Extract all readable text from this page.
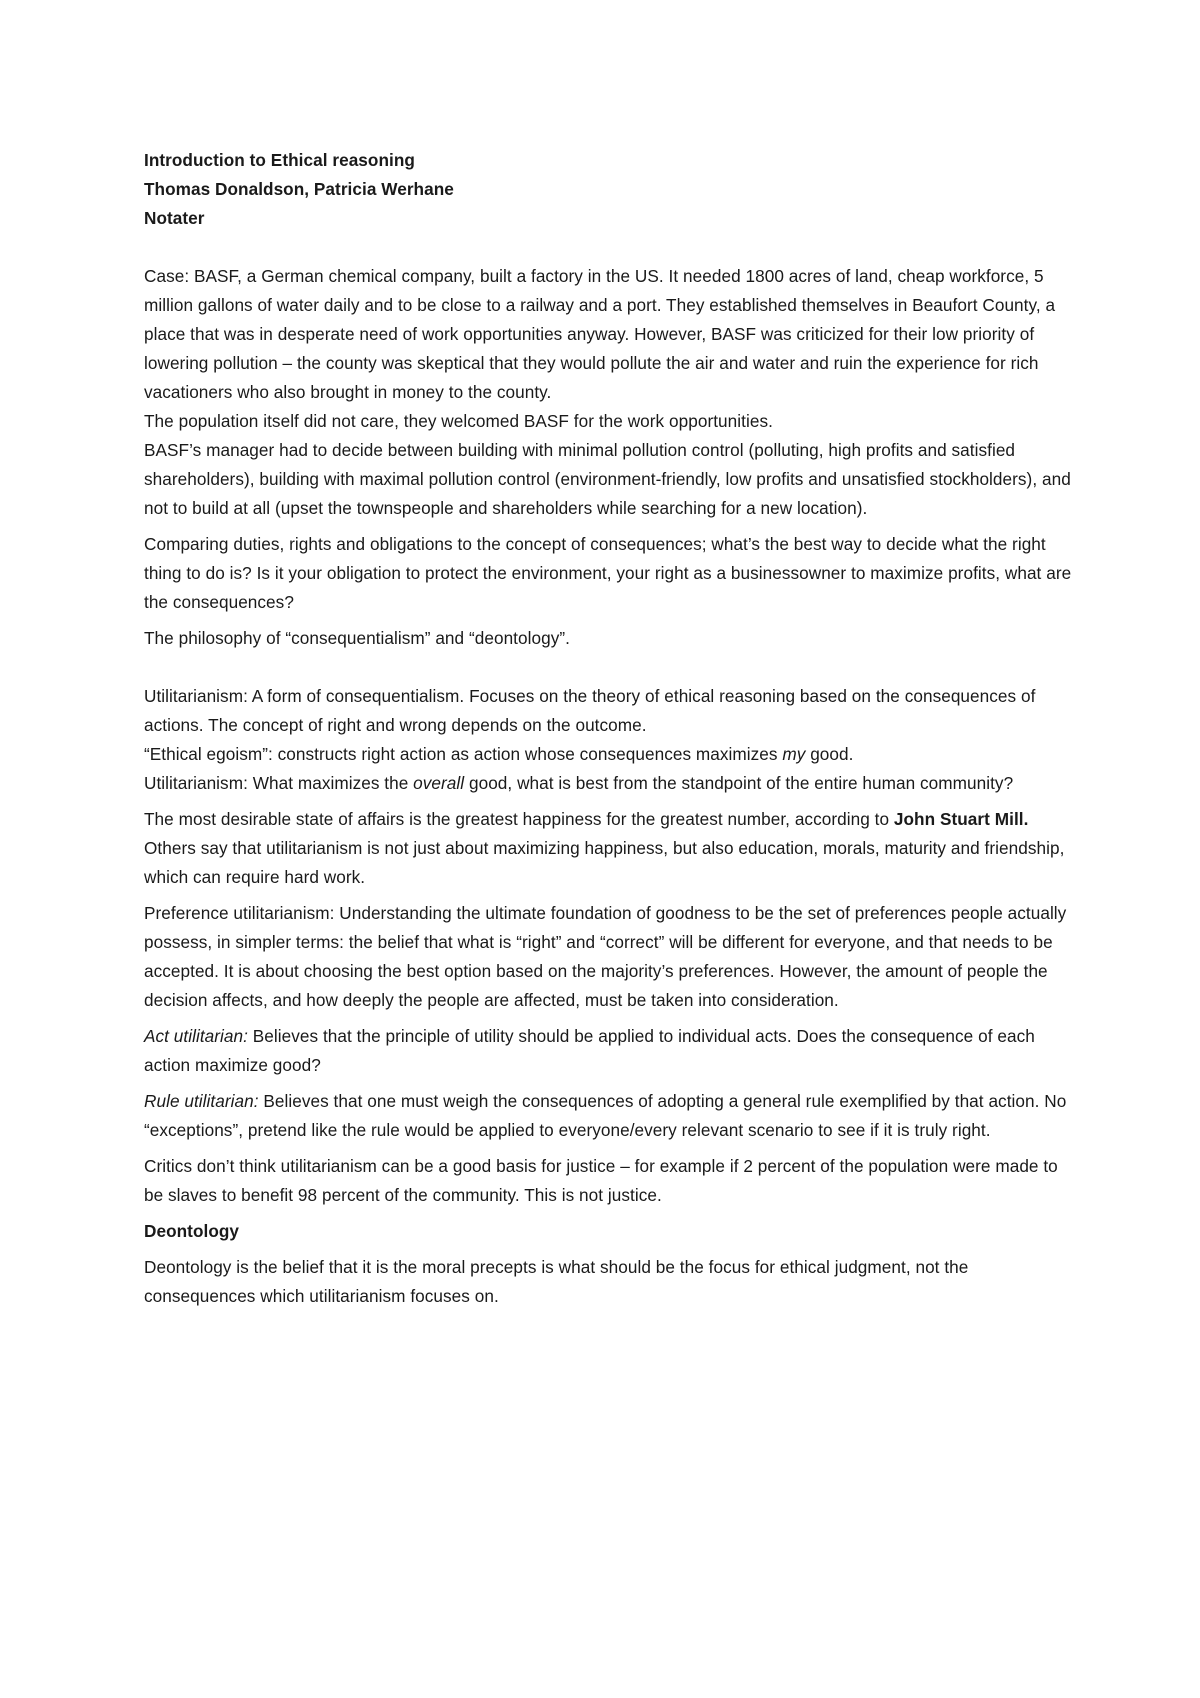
Introduction to Ethical reasoning
Thomas Donaldson, Patricia Werhane
Notater

Case: BASF, a German chemical company, built a factory in the US. It needed 1800 acres of land, cheap workforce, 5 million gallons of water daily and to be close to a railway and a port. They established themselves in Beaufort County, a place that was in desperate need of work opportunities anyway. However, BASF was criticized for their low priority of lowering pollution – the county was skeptical that they would pollute the air and water and ruin the experience for rich vacationers who also brought in money to the county.

The population itself did not care, they welcomed BASF for the work opportunities.

BASF’s manager had to decide between building with minimal pollution control (polluting, high profits and satisfied shareholders), building with maximal pollution control (environment-friendly, low profits and unsatisfied stockholders), and not to build at all (upset the townspeople and shareholders while searching for a new location).

Comparing duties, rights and obligations to the concept of consequences; what’s the best way to decide what the right thing to do is? Is it your obligation to protect the environment, your right as a businessowner to maximize profits, what are the consequences?

The philosophy of “consequentialism” and “deontology”.

Utilitarianism: A form of consequentialism. Focuses on the theory of ethical reasoning based on the consequences of actions. The concept of right and wrong depends on the outcome.

“Ethical egoism”: constructs right action as action whose consequences maximizes my good.

Utilitarianism: What maximizes the overall good, what is best from the standpoint of the entire human community?

The most desirable state of affairs is the greatest happiness for the greatest number, according to John Stuart Mill. Others say that utilitarianism is not just about maximizing happiness, but also education, morals, maturity and friendship, which can require hard work.

Preference utilitarianism: Understanding the ultimate foundation of goodness to be the set of preferences people actually possess, in simpler terms: the belief that what is “right” and “correct” will be different for everyone, and that needs to be accepted. It is about choosing the best option based on the majority’s preferences. However, the amount of people the decision affects, and how deeply the people are affected, must be taken into consideration.

Act utilitarian: Believes that the principle of utility should be applied to individual acts. Does the consequence of each action maximize good?

Rule utilitarian: Believes that one must weigh the consequences of adopting a general rule exemplified by that action. No “exceptions”, pretend like the rule would be applied to everyone/every relevant scenario to see if it is truly right.

Critics don’t think utilitarianism can be a good basis for justice – for example if 2 percent of the population were made to be slaves to benefit 98 percent of the community. This is not justice.

Deontology

Deontology is the belief that it is the moral precepts is what should be the focus for ethical judgment, not the consequences which utilitarianism focuses on.
